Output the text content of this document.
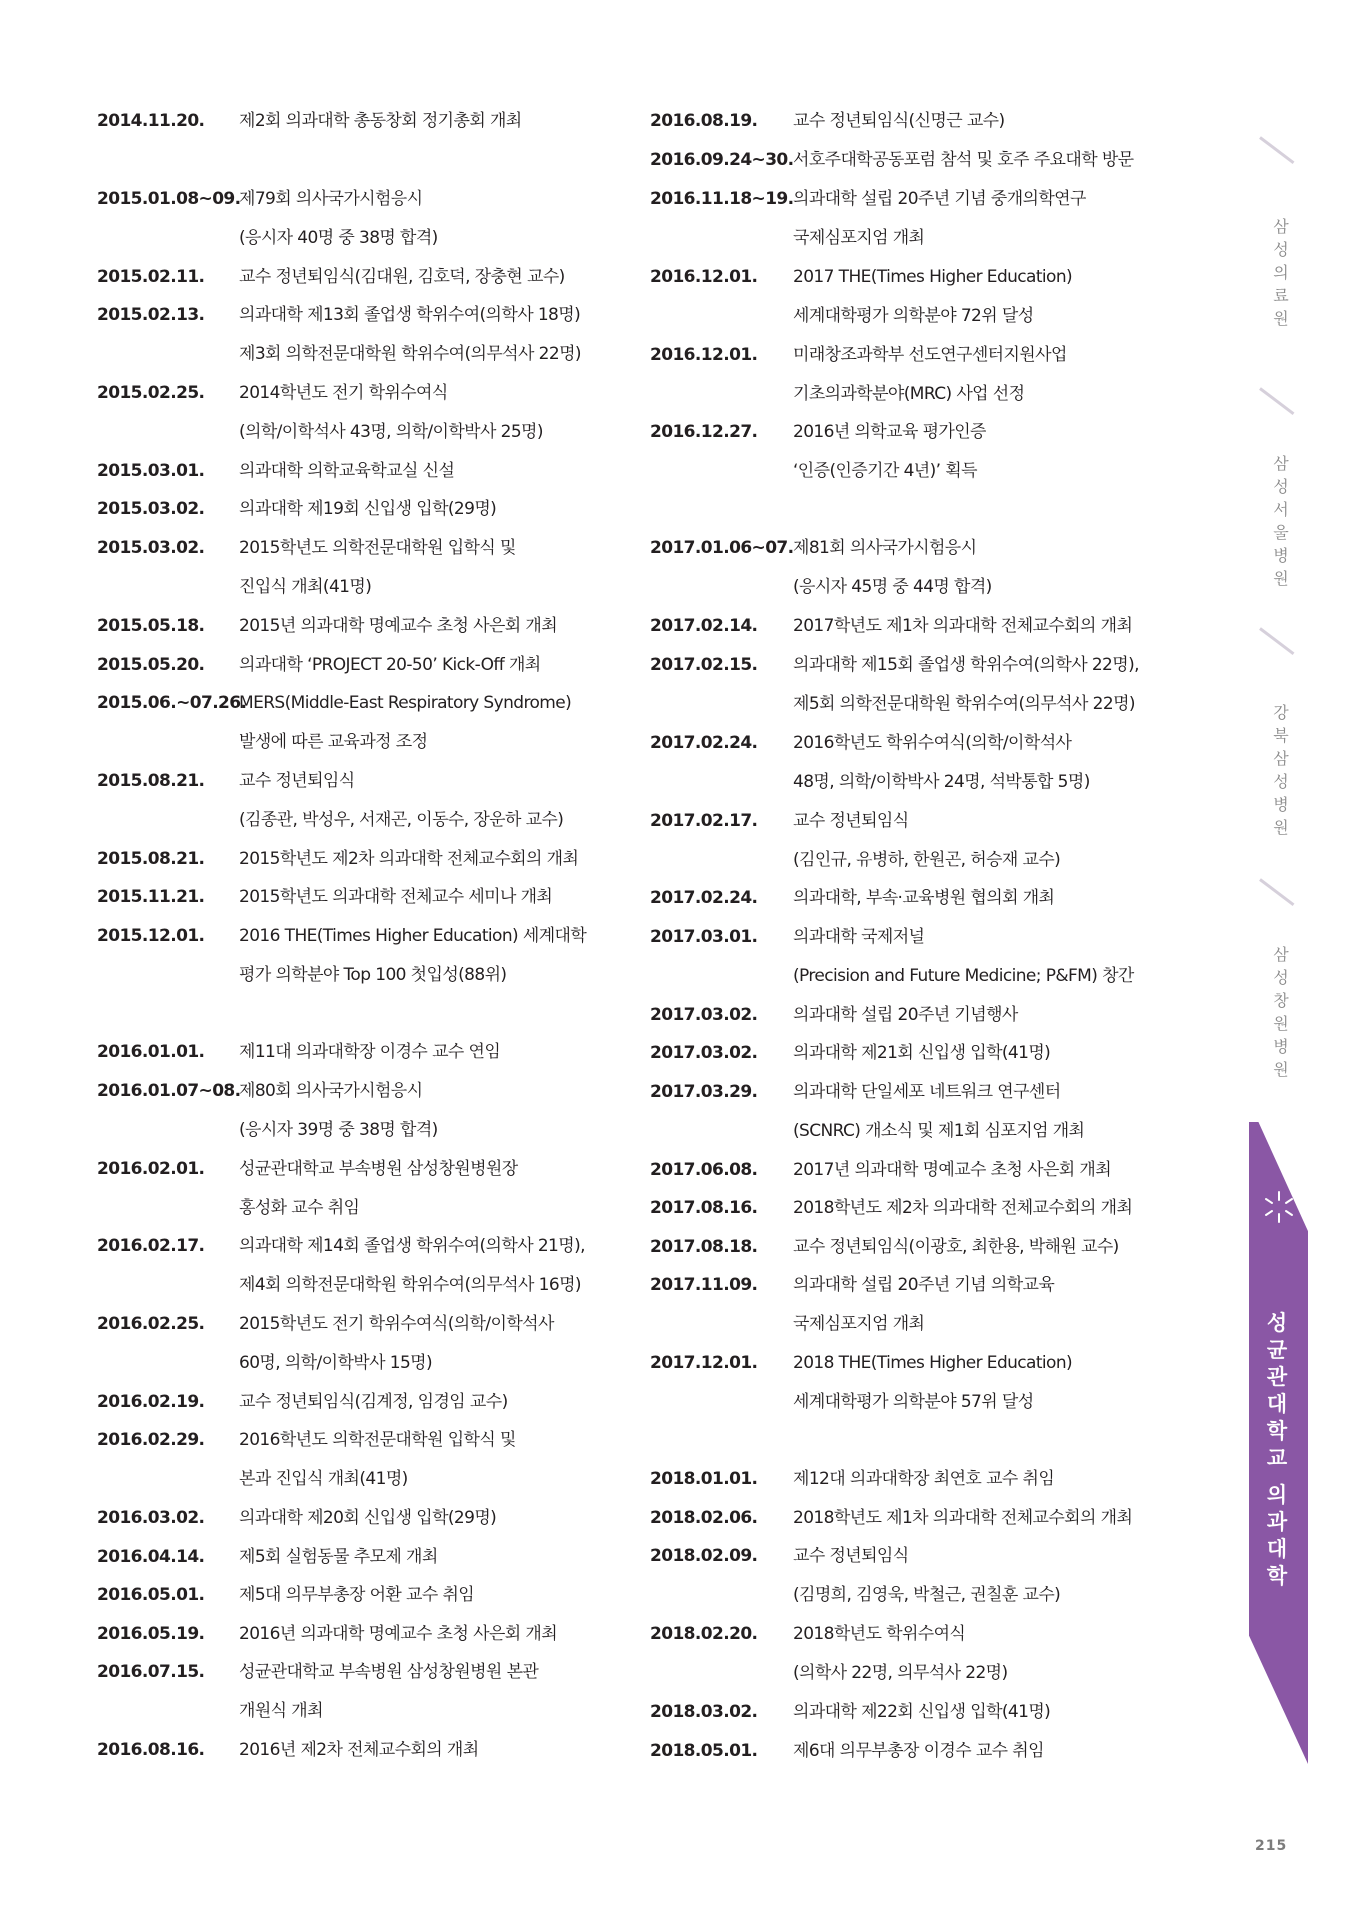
2014.11.20. 제2회 의과대학 총동창회 정기총회 개최
2015.01.08~09.
제79회 의사국가시험응시
(응시자 40명 중 38명 합격)
2015.02.11. 교수 정년퇴임식(김대원, 김호덕, 장충현 교수)
2015.02.13. 의과대학 제13회 졸업생 학위수여(의학사 18명)
제3회 의학전문대학원 학위수여(의무석사 22명)
2015.02.25. 2014학년도 전기 학위수여식
(의학/이학석사 43명, 의학/이학박사 25명)
2015.03.01. 의과대학 의학교육학교실 신설
2015.03.02. 의과대학 제19회 신입생 입학(29명)
2015.03.02. 2015학년도 의학전문대학원 입학식 및
진입식 개최(41명)
2015.05.18. 2015년 의과대학 명예교수 초청 사은회 개최
2015.05.20. 의과대학 ‘PROJECT 20-50’ Kick-Off 개최
2015.06.~07.26.
MERS(Middle-East Respiratory Syndrome)
발생에 따른 교육과정 조정
2015.08.21. 교수 정년퇴임식
(김종관, 박성우, 서재곤, 이동수, 장운하 교수)
2015.08.21. 2015학년도 제2차 의과대학 전체교수회의 개최
2015.11.21. 2015학년도 의과대학 전체교수 세미나 개최
2015.12.01. 2016 THE(Times Higher Education) 세계대학
평가 의학분야 Top 100 첫입성(88위)
2016.01.01. 제11대 의과대학장 이경수 교수 연임
2016.01.07~08.
제80회 의사국가시험응시
(응시자 39명 중 38명 합격)
2016.02.01. 성균관대학교 부속병원 삼성창원병원장
홍성화 교수 취임
2016.02.17. 의과대학 제14회 졸업생 학위수여(의학사 21명),
제4회 의학전문대학원 학위수여(의무석사 16명)
2016.02.25. 2015학년도 전기 학위수여식(의학/이학석사
60명, 의학/이학박사 15명)
2016.02.19. 교수 정년퇴임식(김계정, 임경임 교수)
2016.02.29. 2016학년도 의학전문대학원 입학식 및
본과 진입식 개최(41명)
2016.03.02. 의과대학 제20회 신입생 입학(29명)
2016.04.14. 제5회 실험동물 추모제 개최
2016.05.01. 제5대 의무부총장 어환 교수 취임
2016.05.19. 2016년 의과대학 명예교수 초청 사은회 개최
2016.07.15. 성균관대학교 부속병원 삼성창원병원 본관
개원식 개최
2016.08.16. 2016년 제2차 전체교수회의 개최
2016.08.19. 교수 정년퇴임식(신명근 교수)
2016.09.24~30. 서호주대학공동포럼 참석 및 호주 주요대학 방문
2016.11.18~19. 의과대학 설립 20주년 기념 중개의학연구
국제심포지엄 개최
2016.12.01. 2017 THE(Times Higher Education)
세계대학평가 의학분야 72위 달성
2016.12.01. 미래창조과학부 선도연구센터지원사업
기초의과학분야(MRC) 사업 선정
2016.12.27. 2016년 의학교육 평가인증
‘인증(인증기간 4년)’ 획득
2017.01.06~07. 제81회 의사국가시험응시
(응시자 45명 중 44명 합격)
2017.02.14. 2017학년도 제1차 의과대학 전체교수회의 개최
2017.02.15. 의과대학 제15회 졸업생 학위수여(의학사 22명),
제5회 의학전문대학원 학위수여(의무석사 22명)
2017.02.24. 2016학년도 학위수여식(의학/이학석사
48명, 의학/이학박사 24명, 석박통합 5명)
2017.02.17. 교수 정년퇴임식
(김인규, 유병하, 한원곤, 허승재 교수)
2017.02.24. 의과대학, 부속·교육병원 협의회 개최
2017.03.01. 의과대학 국제저널
(Precision and Future Medicine; P&FM) 창간
2017.03.02. 의과대학 설립 20주년 기념행사
2017.03.02. 의과대학 제21회 신입생 입학(41명)
2017.03.29. 의과대학 단일세포 네트워크 연구센터
(SCNRC) 개소식 및 제1회 심포지엄 개최
2017.06.08. 2017년 의과대학 명예교수 초청 사은회 개최
2017.08.16. 2018학년도 제2차 의과대학 전체교수회의 개최
2017.08.18. 교수 정년퇴임식(이광호, 최한용, 박해원 교수)
2017.11.09. 의과대학 설립 20주년 기념 의학교육
국제심포지엄 개최
2017.12.01. 2018 THE(Times Higher Education)
세계대학평가 의학분야 57위 달성
2018.01.01. 제12대 의과대학장 최연호 교수 취임
2018.02.06. 2018학년도 제1차 의과대학 전체교수회의 개최
2018.02.09. 교수 정년퇴임식
(김명희, 김영욱, 박철근, 권칠훈 교수)
2018.02.20. 2018학년도 학위수여식
(의학사 22명, 의무석사 22명)
2018.03.02. 의과대학 제22회 신입생 입학(41명)
2018.05.01. 제6대 의무부총장 이경수 교수 취임
삼
성
의
료
원
삼
성
서
울
병
원
강
북
삼
성
병
원
삼
성
창
원
병
원
성
균
관
대
학
교

의
과
대
학
215
